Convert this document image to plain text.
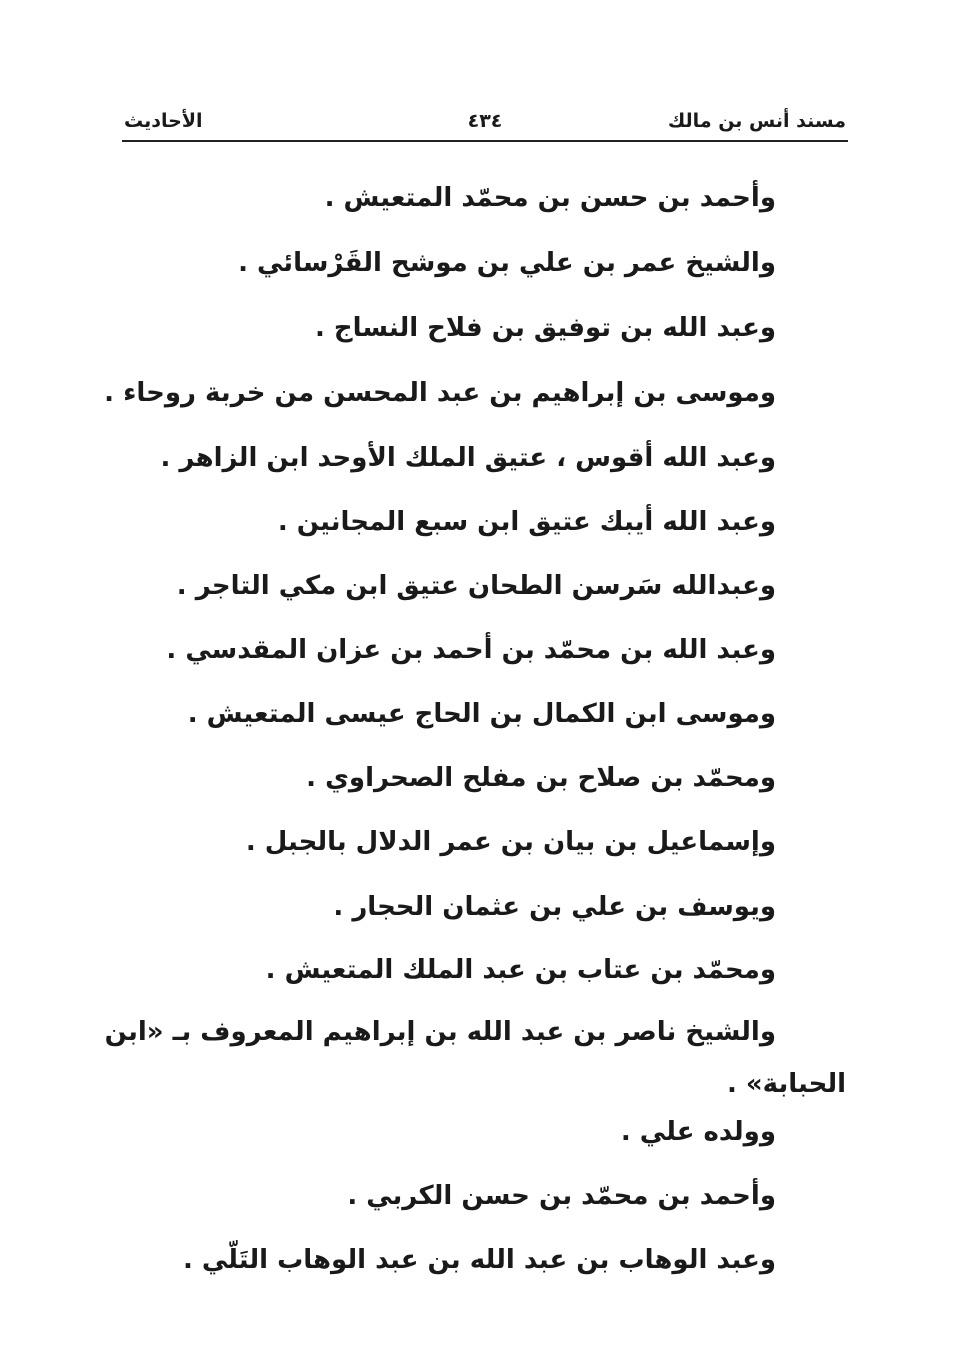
مسند أنس بن مالك
٤٣٤
الأحاديث
وأحمد بن حسن بن محمّد المتعيش .
والشيخ عمر بن علي بن موشح القَرْسائي .
وعبد الله بن توفيق بن فلاح النساج .
وموسى بن إبراهيم بن عبد المحسن من خربة روحاء .
وعبد الله أقوس ، عتيق الملك الأوحد ابن الزاهر .
وعبد الله أيبك عتيق ابن سبع المجانين .
وعبدالله سَرسن الطحان عتيق ابن مكي التاجر .
وعبد الله بن محمّد بن أحمد بن عزان المقدسي .
وموسى ابن الكمال بن الحاج عيسى المتعيش .
ومحمّد بن صلاح بن مفلح الصحراوي .
وإسماعيل بن بيان بن عمر الدلال بالجبل .
ويوسف بن علي بن عثمان الحجار .
ومحمّد بن عتاب بن عبد الملك المتعيش .
والشيخ ناصر بن عبد الله بن إبراهيم المعروف بـ «ابن
الحبابة» .
وولده علي .
وأحمد بن محمّد بن حسن الكربي .
وعبد الوهاب بن عبد الله بن عبد الوهاب التَلّي .
